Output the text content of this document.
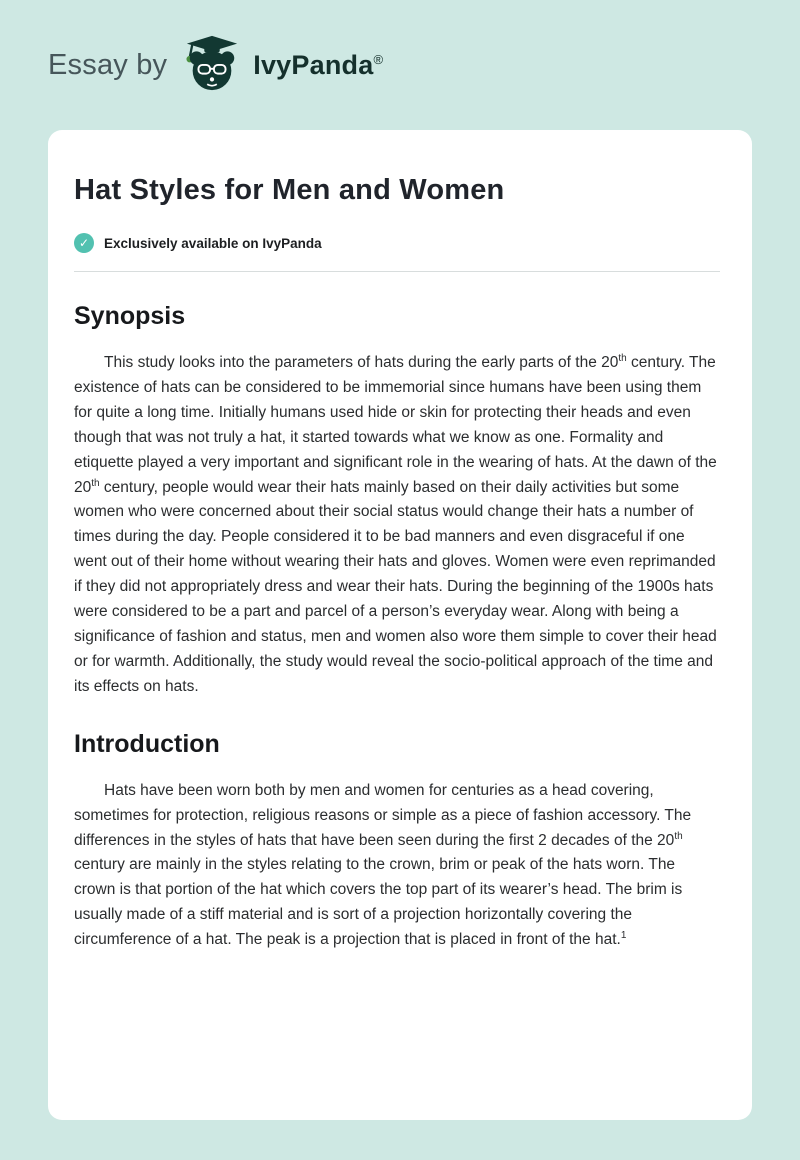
Essay by	IvyPanda®
Hat Styles for Men and Women
✓	Exclusively available on IvyPanda
Synopsis

This study looks into the parameters of hats during the early parts of the 20th century. The existence of hats can be considered to be immemorial since humans have been using them for quite a long time. Initially humans used hide or skin for protecting their heads and even though that was not truly a hat, it started towards what we know as one. Formality and etiquette played a very important and significant role in the wearing of hats. At the dawn of the 20th century, people would wear their hats mainly based on their daily activities but some women who were concerned about their social status would change their hats a number of times during the day. People considered it to be bad manners and even disgraceful if one went out of their home without wearing their hats and gloves. Women were even reprimanded if they did not appropriately dress and wear their hats. During the beginning of the 1900s hats were considered to be a part and parcel of a person’s everyday wear. Along with being a significance of fashion and status, men and women also wore them simple to cover their head or for warmth. Additionally, the study would reveal the socio-political approach of the time and its effects on hats.

Introduction

Hats have been worn both by men and women for centuries as a head covering, sometimes for protection, religious reasons or simple as a piece of fashion accessory. The differences in the styles of hats that have been seen during the first 2 decades of the 20th century are mainly in the styles relating to the crown, brim or peak of the hats worn. The crown is that portion of the hat which covers the top part of its wearer’s head. The brim is usually made of a stiff material and is sort of a projection horizontally covering the circumference of a hat. The peak is a projection that is placed in front of the hat.$^1$
